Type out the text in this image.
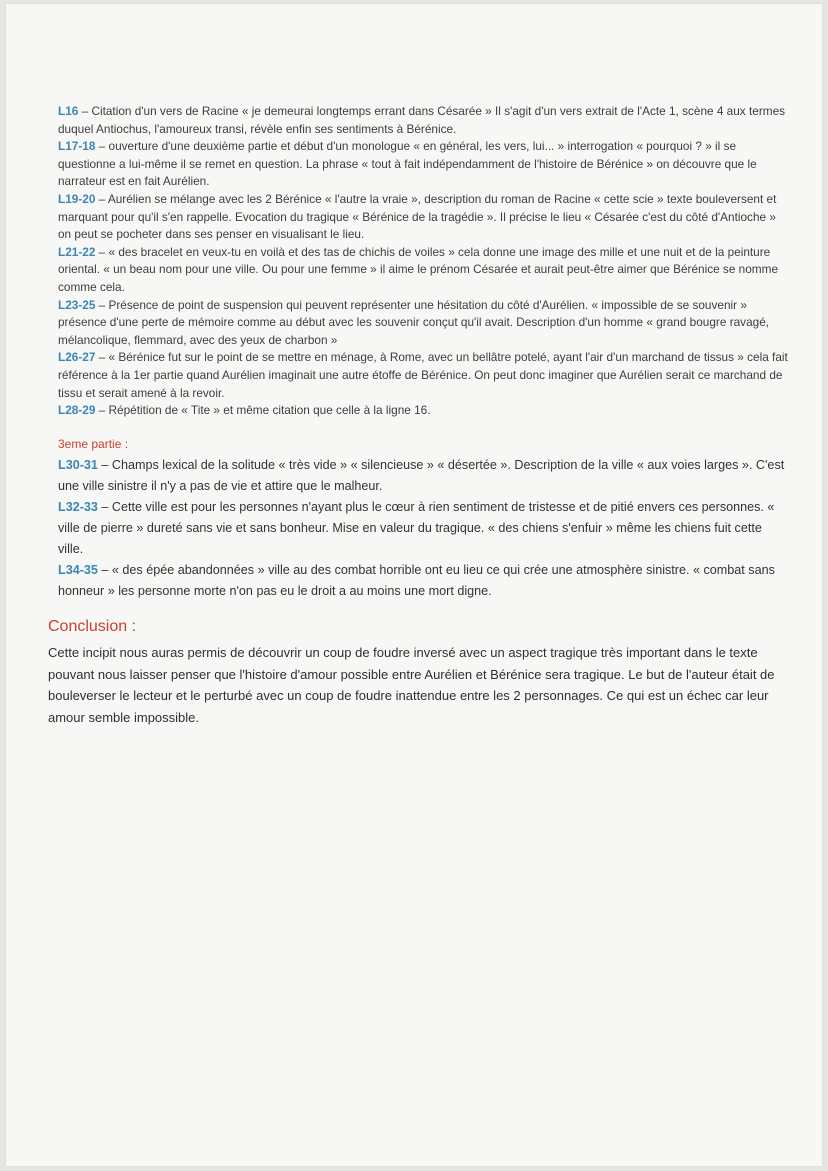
L16 – Citation d'un vers de Racine « je demeurai longtemps errant dans Césarée » Il s'agit d'un vers extrait de l'Acte 1, scène 4 aux termes duquel Antiochus, l'amoureux transi, révèle enfin ses sentiments à Bérénice.

L17-18 – ouverture d'une deuxième partie et début d'un monologue « en général, les vers, lui... » interrogation « pourquoi ? » il se questionne a lui-même il se remet en question. La phrase « tout à fait indépendamment de l'histoire de Bérénice » on découvre que le narrateur est en fait Aurélien.

L19-20 – Aurélien se mélange avec les 2 Bérénice « l'autre la vraie », description du roman de Racine « cette scie » texte bouleversent et marquant pour qu'il s'en rappelle. Evocation du tragique « Bérénice de la tragédie ». Il précise le lieu « Césarée c'est du côté d'Antioche » on peut se pocheter dans ses penser en visualisant le lieu.

L21-22 – « des bracelet en veux-tu en voilà et des tas de chichis de voiles » cela donne une image des mille et une nuit et de la peinture oriental. « un beau nom pour une ville. Ou pour une femme » il aime le prénom Césarée et aurait peut-être aimer que Bérénice se nomme comme cela.

L23-25 – Présence de point de suspension qui peuvent représenter une hésitation du côté d'Aurélien. « impossible de se souvenir » présence d'une perte de mémoire comme au début avec les souvenir conçut qu'il avait. Description d'un homme « grand bougre ravagé, mélancolique, flemmard, avec des yeux de charbon »

L26-27 – « Bérénice fut sur le point de se mettre en ménage, à Rome, avec un bellâtre potelé, ayant l'air d'un marchand de tissus » cela fait référence à la 1er partie quand Aurélien imaginait une autre étoffe de Bérénice. On peut donc imaginer que Aurélien serait ce marchand de tissu et serait amené à la revoir.

L28-29 – Répétition de « Tite » et même citation que celle à la ligne 16.

3eme partie :

L30-31 – Champs lexical de la solitude « très vide » « silencieuse » « désertée ». Description de la ville « aux voies larges ». C'est une ville sinistre il n'y a pas de vie et attire que le malheur.

L32-33 – Cette ville est pour les personnes n'ayant plus le cœur à rien sentiment de tristesse et de pitié envers ces personnes. « ville de pierre » dureté sans vie et sans bonheur. Mise en valeur du tragique. « des chiens s'enfuir » même les chiens fuit cette ville.

L34-35 – « des épée abandonnées » ville au des combat horrible ont eu lieu ce qui crée une atmosphère sinistre. « combat sans honneur » les personne morte n'on pas eu le droit a au moins une mort digne.

Conclusion :

Cette incipit nous auras permis de découvrir un coup de foudre inversé avec un aspect tragique très important dans le texte pouvant nous laisser penser que l'histoire d'amour possible entre Aurélien et Bérénice sera tragique. Le but de l'auteur était de bouleverser le lecteur et le perturbé avec un coup de foudre inattendue entre les 2 personnages. Ce qui est un échec car leur amour semble impossible.
